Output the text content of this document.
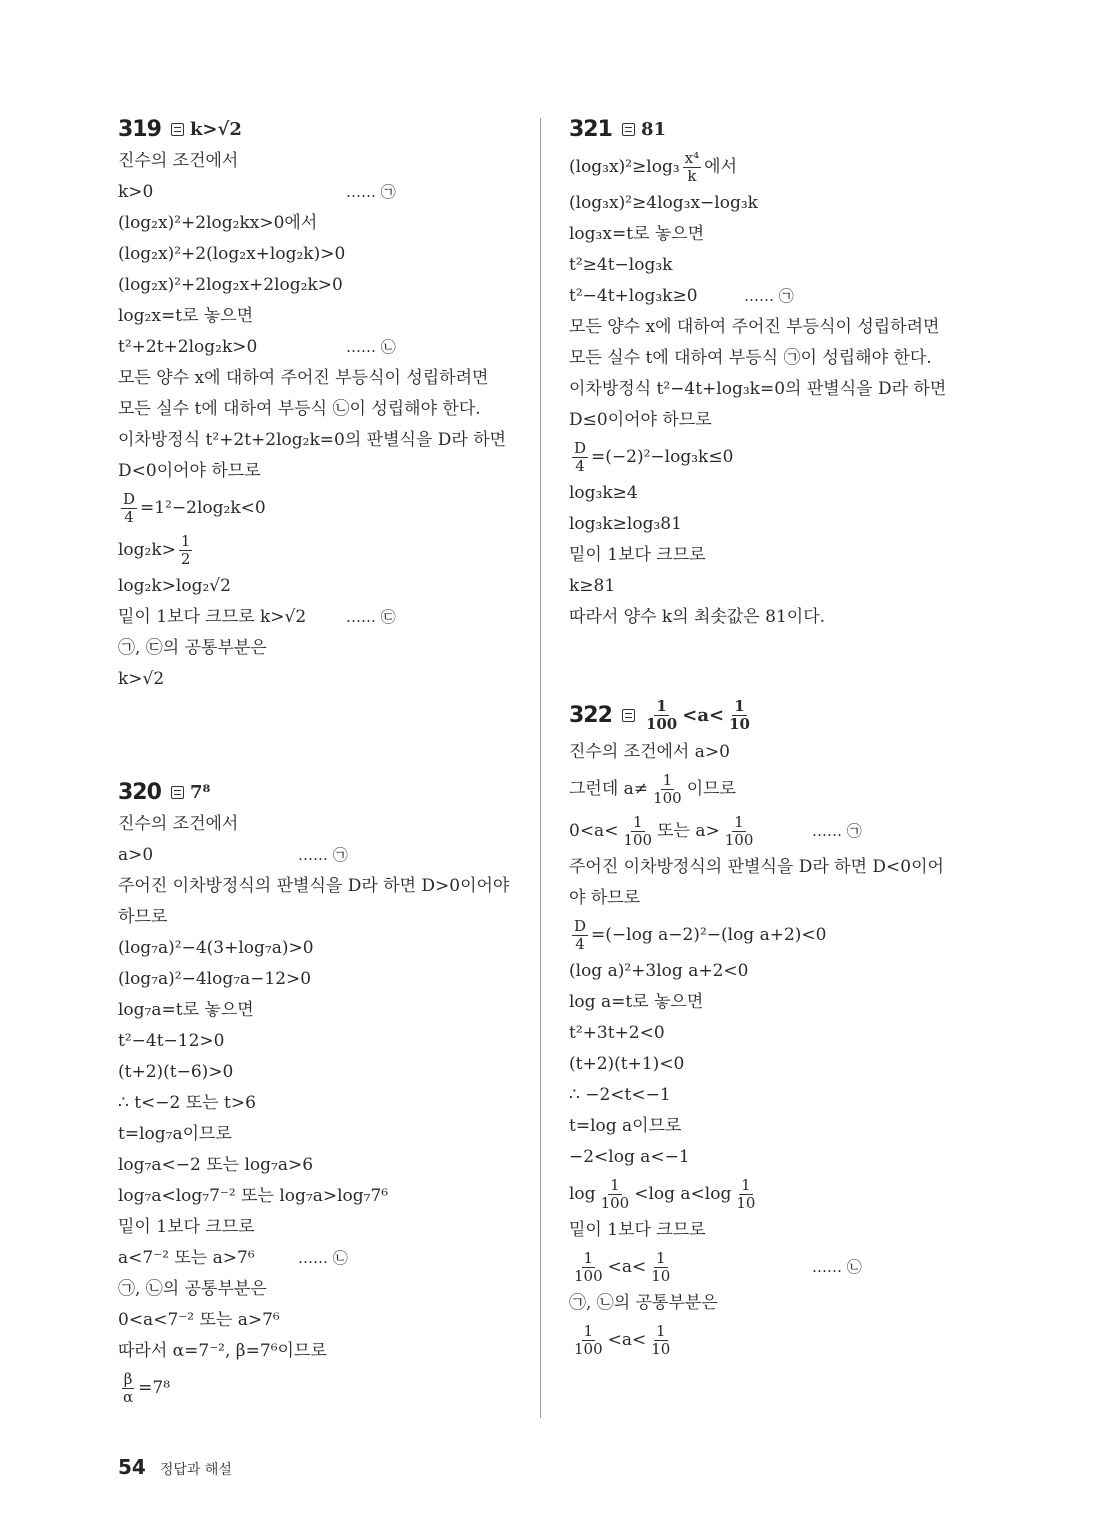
319 k>√2
진수의 조건에서
k>0	…… ㉠
(log₂x)²+2log₂kx>0에서
(log₂x)²+2(log₂x+log₂k)>0
(log₂x)²+2log₂x+2log₂k>0
log₂x=t로 놓으면
t²+2t+2log₂k>0	…… ㉡
모든 양수 x에 대하여 주어진 부등식이 성립하려면
모든 실수 t에 대하여 부등식 ㉡이 성립해야 한다.
이차방정식 t²+2t+2log₂k=0의 판별식을 D라 하면
D<0이어야 하므로
$\frac{D}{4} =1^2-2\log_2k<0$
$\log_2k> \frac{1}{2}$
log₂k>log₂√2
밑이 1보다 크므로 k>√2	…… ㉢
㉠, ㉢의 공통부분은
k>√2
320 7⁸
진수의 조건에서
a>0	…… ㉠
주어진 이차방정식의 판별식을 D라 하면 D>0이어야
하므로
(log₇a)²−4(3+log₇a)>0
(log₇a)²−4log₇a−12>0
log₇a=t로 놓으면
t²−4t−12>0
(t+2)(t−6)>0
∴ t<−2 또는 t>6
t=log₇a이므로
log₇a<−2 또는 log₇a>6
log₇a<log₇7⁻² 또는 log₇a>log₇7⁶
밑이 1보다 크므로
a<7⁻² 또는 a>7⁶	…… ㉡
㉠, ㉡의 공통부분은
0<a<7⁻² 또는 a>7⁶
따라서 α=7⁻², β=7⁶이므로
$\frac{\beta}{\alpha} =7^8$
321 81
$(\log_3x)^2\ge\log_3 \frac{\text{x⁴}}{k}$ 에서
(log₃x)²≥4log₃x−log₃k
log₃x=t로 놓으면
t²≥4t−log₃k
t²−4t+log₃k≥0	…… ㉠
모든 양수 x에 대하여 주어진 부등식이 성립하려면
모든 실수 t에 대하여 부등식 ㉠이 성립해야 한다.
이차방정식 t²−4t+log₃k=0의 판별식을 D라 하면
D≤0이어야 하므로
$\frac{D}{4} =(-2)^2-\log_3k\le 0$
log₃k≥4
log₃k≥log₃81
밑이 1보다 크므로
k≥81
따라서 양수 k의 최솟값은 81이다.
$322 \frac{1}{100} <a< \frac{1}{10}$
진수의 조건에서 a>0
그런데 $a\ne \frac{1}{100}$ 이므로
$0<a< \frac{1}{100}$ 또는 $a> \frac{1}{100}$	…… ㉠
주어진 이차방정식의 판별식을 D라 하면 D<0이어
야 하므로
$\frac{D}{4} =(-\log$ a−2)²−(log a+2)<0
(log a)²+3log a+2<0
log a=t로 놓으면
t²+3t+2<0
(t+2)(t+1)<0
∴ −2<t<−1
t=log a이므로
−2<log a<−1
$\log \frac{1}{100} <\log$ $a<\log \frac{1}{10}$
밑이 1보다 크므로
$\frac{1}{100} <a< \frac{1}{10}$	…… ㉡
㉠, ㉡의 공통부분은
$\frac{1}{100} <a< \frac{1}{10}$
54 정답과 해설
